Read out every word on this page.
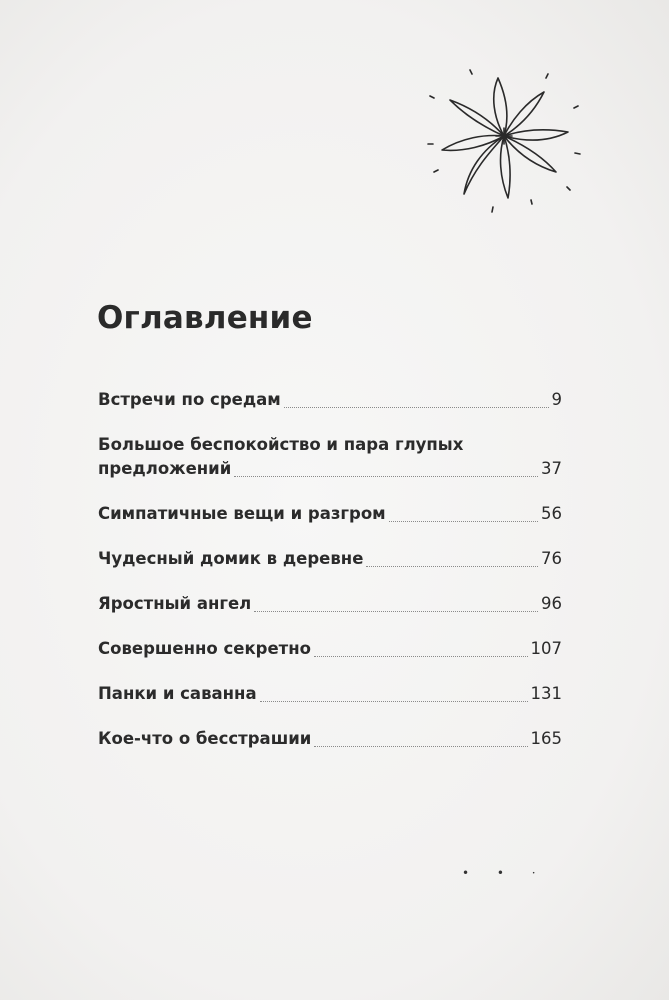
Оглавление
Встречи по средам	9
Большое беспокойство и пара глупых
предложений	37
Симпатичные вещи и разгром	56
Чудесный домик в деревне	76
Яростный ангел	96
Совершенно секретно	107
Панки и саванна	131
Кое-что о бесстрашии	165
• • ·
